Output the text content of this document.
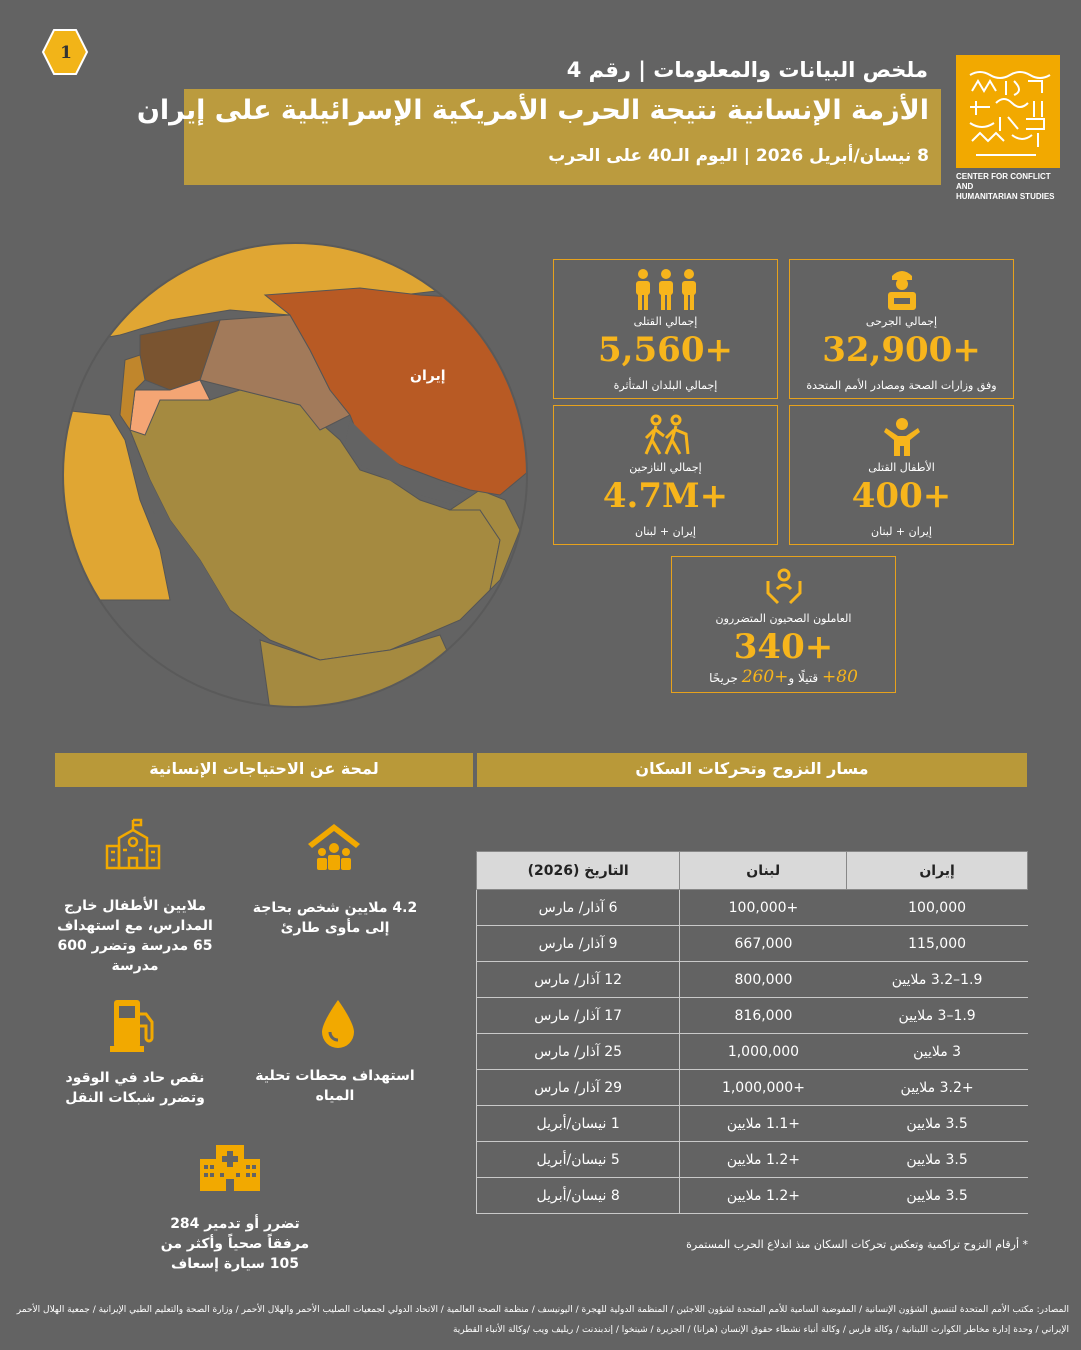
1
CENTER FOR CONFLICT AND
HUMANITARIAN STUDIES
ملخص البيانات والمعلومات | رقم 4
الأزمة الإنسانية نتيجة الحرب الأمريكية الإسرائيلية على إيران
8 نيسان/أبريل 2026 | اليوم الـ40 على الحرب
إيران
إجمالي القتلى
+5,560
إجمالي البلدان المتأثرة
إجمالي الجرحى
+32,900
وفق وزارات الصحة ومصادر الأمم المتحدة
إجمالي النازحين
+4.7M
إيران + لبنان
الأطفال القتلى
+400
إيران + لبنان
العاملون الصحيون المتضررون
+340
80+ قتيلًا و+260 جريحًا
لمحة عن الاحتياجات الإنسانية	مسار النزوح وتحركات السكان
4.2 ملايين شخص بحاجة إلى مأوى طارئ
ملايين الأطفال خارج المدارس، مع استهداف 65 مدرسة وتضرر 600 مدرسة
استهداف محطات تحلية المياه
نقص حاد في الوقود وتضرر شبكات النقل
تضرر أو تدمير 284 مرفقاً صحياً وأكثر من 105 سيارة إسعاف
إيران	لبنان	التاريخ (2026)
100,000	+100,000	6 آذار/ مارس
115,000	667,000	9 آذار/ مارس
1.9–3.2 ملايين	800,000	12 آذار/ مارس
1.9–3 ملايين	816,000	17 آذار/ مارس
3 ملايين	1,000,000	25 آذار/ مارس
+3.2 ملايين	+1,000,000	29 آذار/ مارس
3.5 ملايين	+1.1 ملايين	1 نيسان/أبريل
3.5 ملايين	+1.2 ملايين	5 نيسان/أبريل
3.5 ملايين	+1.2 ملايين	8 نيسان/أبريل
* أرقام النزوح تراكمية وتعكس تحركات السكان منذ اندلاع الحرب المستمرة
المصادر: مكتب الأمم المتحدة لتنسيق الشؤون الإنسانية / المفوضية السامية للأمم المتحدة لشؤون اللاجئين / المنظمة الدولية للهجرة / اليونيسف / منظمة الصحة العالمية / الاتحاد الدولي لجمعيات الصليب الأحمر والهلال الأحمر / وزارة الصحة والتعليم الطبي الإيرانية / جمعية الهلال الأحمر
الإيراني / وحدة إدارة مخاطر الكوارث اللبنانية / وكالة فارس / وكالة أنباء نشطاء حقوق الإنسان (هرانا) / الجزيرة / شينخوا / إندبندنت / ريليف ويب /وكالة الأنباء القطرية
